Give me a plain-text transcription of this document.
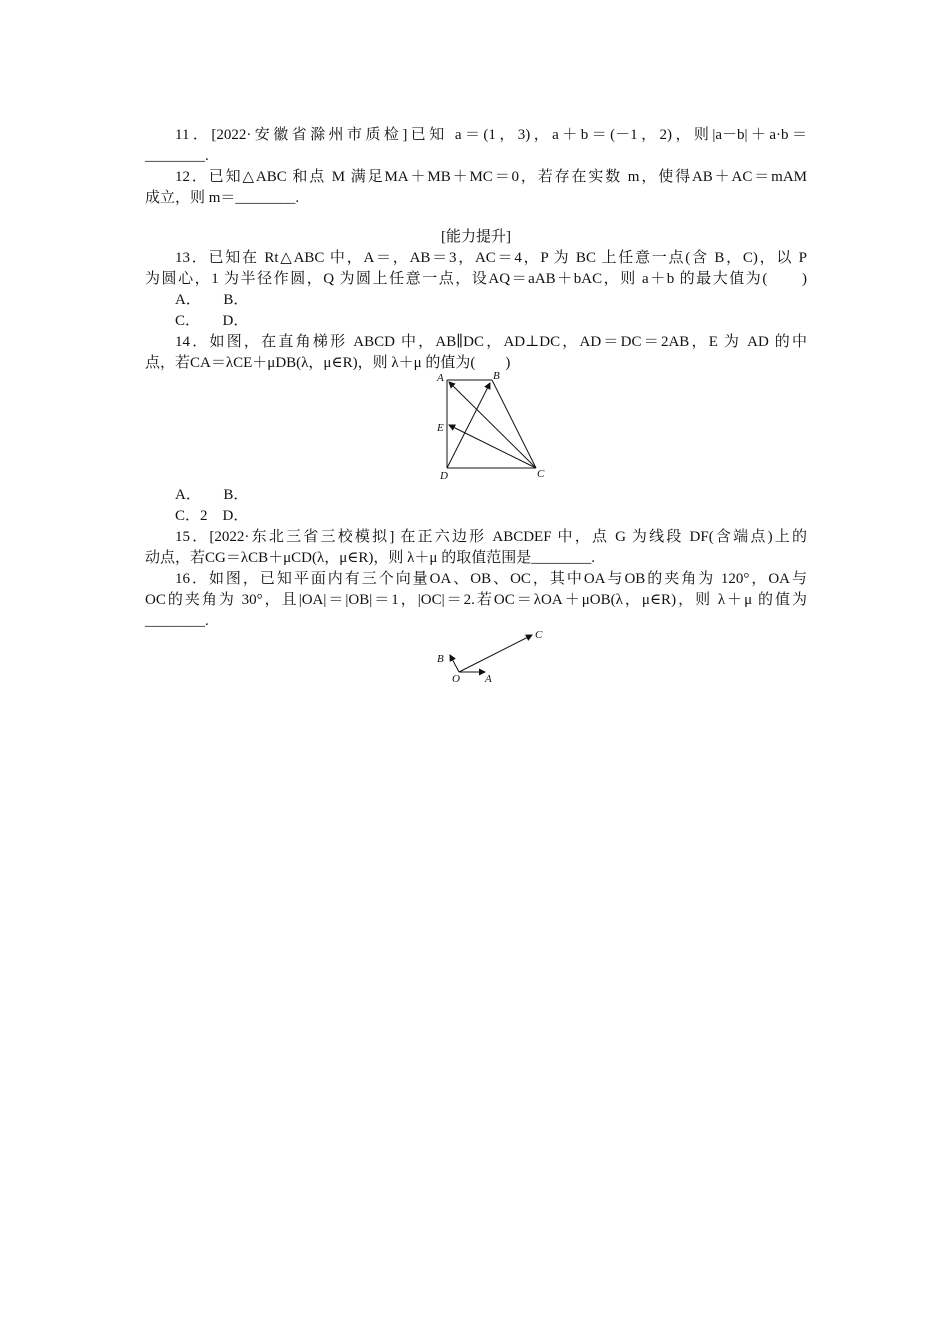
11．[2022·安徽省滁州市质检]已知 a＝(1，3)，a＋b＝(－1，2)，则|a－b|＋a·b＝
________.
12．已知△ABC 和点 M 满足MA＋MB＋MC＝0，若存在实数 m，使得AB＋AC＝mAM
成立，则 m＝________.
[能力提升]
13．已知在 Rt△ABC 中，A＝，AB＝3，AC＝4，P 为 BC 上任意一点(含 B，C)，以 P
为圆心，1 为半径作圆，Q 为圆上任意一点，设AQ＝aAB＋bAC，则 a＋b 的最大值为(　　)
A．　　B．
C．　　D．
14．如图，在直角梯形 ABCD 中，AB∥DC，AD⊥DC，AD＝DC＝2AB，E 为 AD 的中
点，若CA＝λCE＋μDB(λ，μ∈R)，则 λ＋μ 的值为(　　)
A	B
E
D	C
A．　　B．
C．2　D．
15．[2022·东北三省三校模拟] 在正六边形 ABCDEF 中，点 G 为线段 DF(含端点)上的
动点，若CG＝λCB＋μCD(λ，μ∈R)，则 λ＋μ 的取值范围是________.
16．如图，已知平面内有三个向量OA、OB、OC，其中OA与OB的夹角为 120°，OA与
OC的夹角为 30°，且|OA|＝|OB|＝1，|OC|＝2.若OC＝λOA＋μOB(λ，μ∈R)，则 λ＋μ 的值为
________.
O A
B
C
